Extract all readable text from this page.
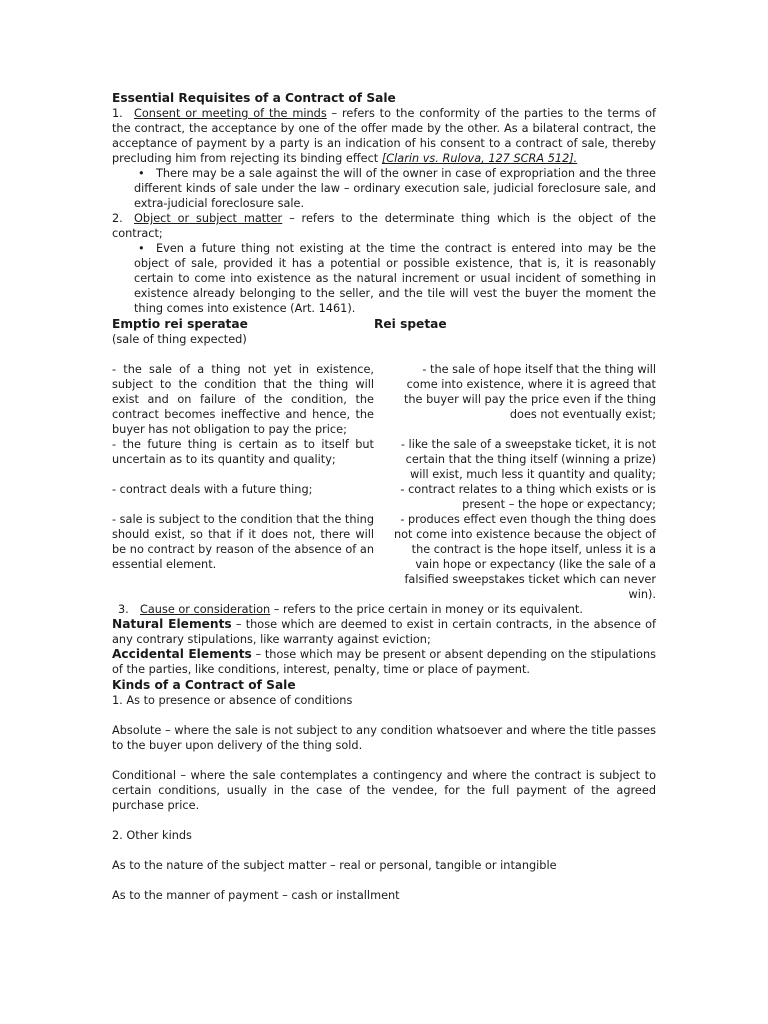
Essential Requisites of a Contract of Sale

1. Consent or meeting of the minds – refers to the conformity of the parties to the terms of the contract, the acceptance by one of the offer made by the other. As a bilateral contract, the acceptance of payment by a party is an indication of his consent to a contract of sale, thereby precluding him from rejecting its binding effect [Clarin vs. Rulova, 127 SCRA 512].

• There may be a sale against the will of the owner in case of expropriation and the three different kinds of sale under the law – ordinary execution sale, judicial foreclosure sale, and extra-judicial foreclosure sale.

2. Object or subject matter – refers to the determinate thing which is the object of the contract;

• Even a future thing not existing at the time the contract is entered into may be the object of sale, provided it has a potential or possible existence, that is, it is reasonably certain to come into existence as the natural increment or usual incident of something in existence already belonging to the seller, and the tile will vest the buyer the moment the thing comes into existence (Art. 1461).

Emptio rei speratae	Rei spetae

(sale of thing expected)

- the sale of a thing not yet in existence, subject to the condition that the thing will exist and on failure of the condition, the contract becomes ineffective and hence, the buyer has not obligation to pay the price;

- the sale of hope itself that the thing will come into existence, where it is agreed that the buyer will pay the price even if the thing does not eventually exist;

- the future thing is certain as to itself but uncertain as to its quantity and quality;

- like the sale of a sweepstake ticket, it is not certain that the thing itself (winning a prize) will exist, much less it quantity and quality;

- contract deals with a future thing;	- contract relates to a thing which exists or is present – the hope or expectancy;

- sale is subject to the condition that the thing should exist, so that if it does not, there will be no contract by reason of the absence of an essential element.

- produces effect even though the thing does not come into existence because the object of the contract is the hope itself, unless it is a vain hope or expectancy (like the sale of a falsified sweepstakes ticket which can never win).

3. Cause or consideration – refers to the price certain in money or its equivalent.

Natural Elements – those which are deemed to exist in certain contracts, in the absence of any contrary stipulations, like warranty against eviction;

Accidental Elements – those which may be present or absent depending on the stipulations of the parties, like conditions, interest, penalty, time or place of payment.

Kinds of a Contract of Sale

1. As to presence or absence of conditions

Absolute – where the sale is not subject to any condition whatsoever and where the title passes to the buyer upon delivery of the thing sold.

Conditional – where the sale contemplates a contingency and where the contract is subject to certain conditions, usually in the case of the vendee, for the full payment of the agreed purchase price.

2. Other kinds

As to the nature of the subject matter – real or personal, tangible or intangible

As to the manner of payment – cash or installment
